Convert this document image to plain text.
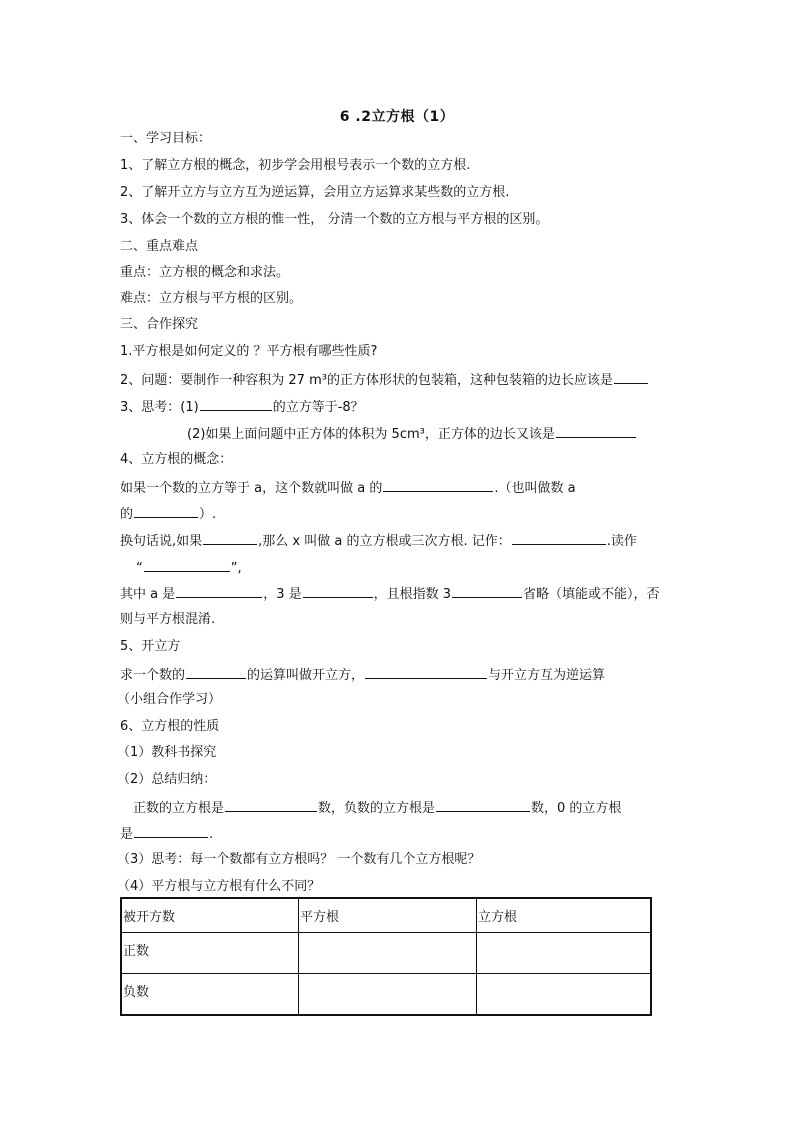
6 .2立方根（1）
一、学习目标：
1、了解立方根的概念，初步学会用根号表示一个数的立方根.
2、了解开立方与立方互为逆运算，会用立方运算求某些数的立方根.
3、体会一个数的立方根的惟一性， 分清一个数的立方根与平方根的区别。
二、重点难点
重点：立方根的概念和求法。
难点：立方根与平方根的区别。
三、合作探究
1.平方根是如何定义的 ？平方根有哪些性质?
2、问题：要制作一种容积为 27 m³的正方体形状的包装箱，这种包装箱的边长应该是
3、思考：(1)	的立方等于-8？
(2)如果上面问题中正方体的体积为 5cm³，正方体的边长又该是
4、立方根的概念：
如果一个数的立方等于 a，这个数就叫做 a 的	.（也叫做数 a
的	）.
换句话说,如果	,那么 x 叫做 a 的立方根或三次方根. 记作：	.读作
“	”,
其中 a 是	，3 是	，且根指数 3	省略（填能或不能），否
则与平方根混淆.
5、开立方
求一个数的	的运算叫做开立方，	与开立方互为逆运算
（小组合作学习）
6、立方根的性质
（1）教科书探究
（2）总结归纳：
正数的立方根是	数，负数的立方根是	数，0 的立方根
是	.
（3）思考：每一个数都有立方根吗？ 一个数有几个立方根呢？
（4）平方根与立方根有什么不同？
被开方数	平方根	立方根
正数		
负数		
